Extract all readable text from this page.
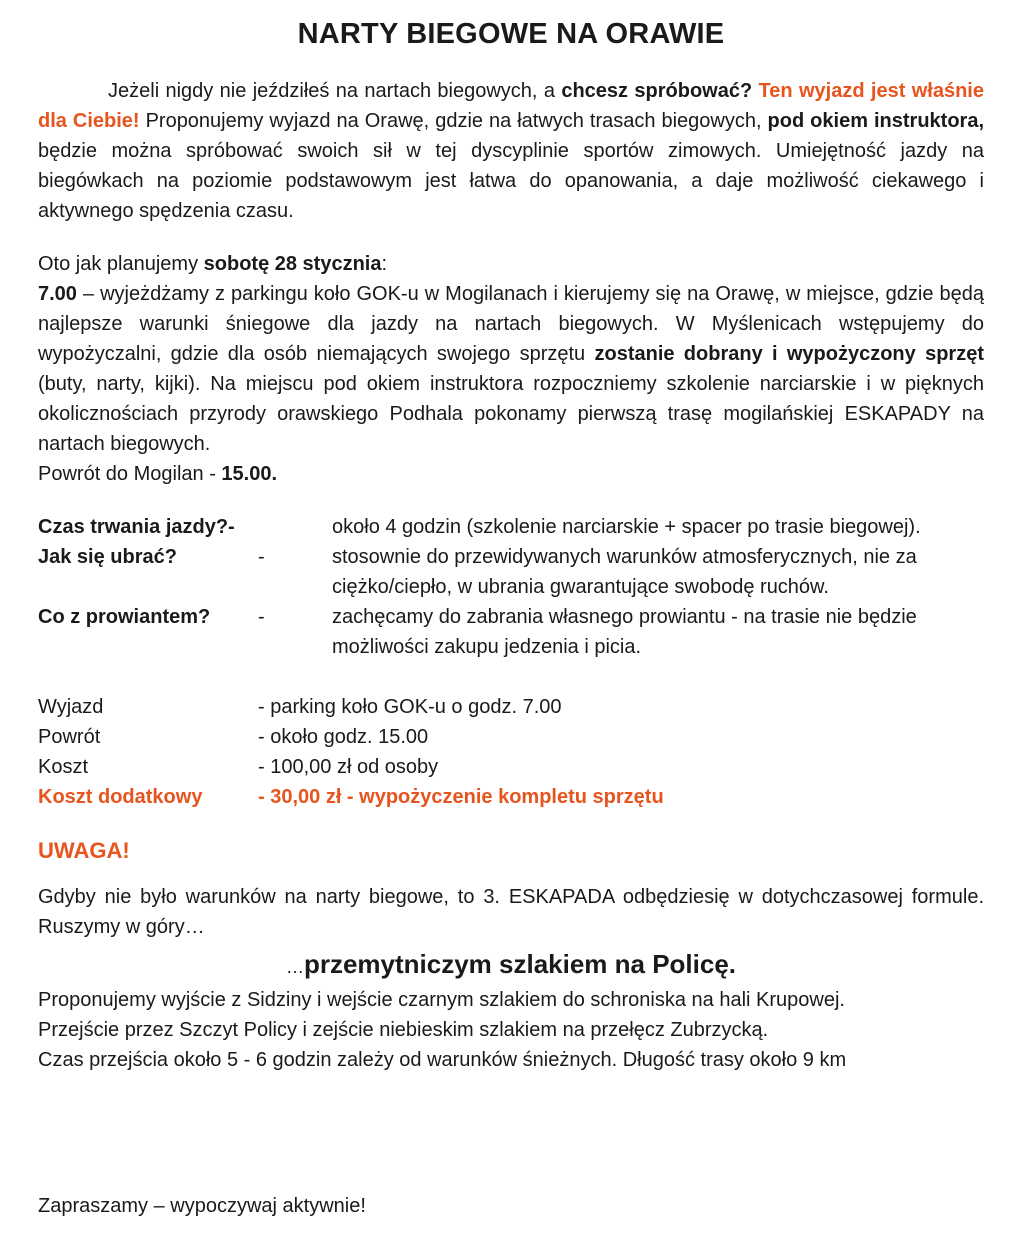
NARTY BIEGOWE NA ORAWIE

Jeżeli nigdy nie jeździłeś na nartach biegowych, a chcesz spróbować? Ten wyjazd jest właśnie dla Ciebie! Proponujemy wyjazd na Orawę, gdzie na łatwych trasach biegowych, pod okiem instruktora, będzie można spróbować swoich sił w tej dyscyplinie sportów zimowych. Umiejętność jazdy na biegówkach na poziomie podstawowym jest łatwa do opanowania, a daje możliwość ciekawego i aktywnego spędzenia czasu.

Oto jak planujemy sobotę 28 stycznia:

7.00 – wyjeżdżamy z parkingu koło GOK-u w Mogilanach i kierujemy się na Orawę, w miejsce, gdzie będą najlepsze warunki śniegowe dla jazdy na nartach biegowych. W Myślenicach wstępujemy do wypożyczalni, gdzie dla osób niemających swojego sprzętu zostanie dobrany i wypożyczony sprzęt (buty, narty, kijki). Na miejscu pod okiem instruktora rozpoczniemy szkolenie narciarskie i w pięknych okolicznościach przyrody orawskiego Podhala pokonamy pierwszą trasę mogilańskiej ESKAPADY na nartach biegowych.

Powrót do Mogilan - 15.00.

Czas trwania jazdy?-	około 4 godzin (szkolenie narciarskie + spacer po trasie biegowej).
Jak się ubrać?	-	stosownie do przewidywanych warunków atmosferycznych, nie za ciężko/ciepło, w ubrania gwarantujące swobodę ruchów.
Co z prowiantem?	-	zachęcamy do zabrania własnego prowiantu - na trasie nie będzie możliwości zakupu jedzenia i picia.
Wyjazd	- parking koło GOK-u o godz. 7.00
Powrót	- około godz. 15.00
Koszt	- 100,00 zł od osoby
Koszt dodatkowy	- 30,00 zł - wypożyczenie kompletu sprzętu
UWAGA!

Gdyby nie było warunków na narty biegowe, to 3. ESKAPADA odbędziesię w dotychczasowej formule. Ruszymy w góry…

…przemytniczym szlakiem na Policę.

Proponujemy wyjście z Sidziny i wejście czarnym szlakiem do schroniska na hali Krupowej.

Przejście przez Szczyt Policy i zejście niebieskim szlakiem na przełęcz Zubrzycką.

Czas przejścia około 5 - 6 godzin zależy od warunków śnieżnych. Długość trasy około 9 km

Zapraszamy – wypoczywaj aktywnie!
